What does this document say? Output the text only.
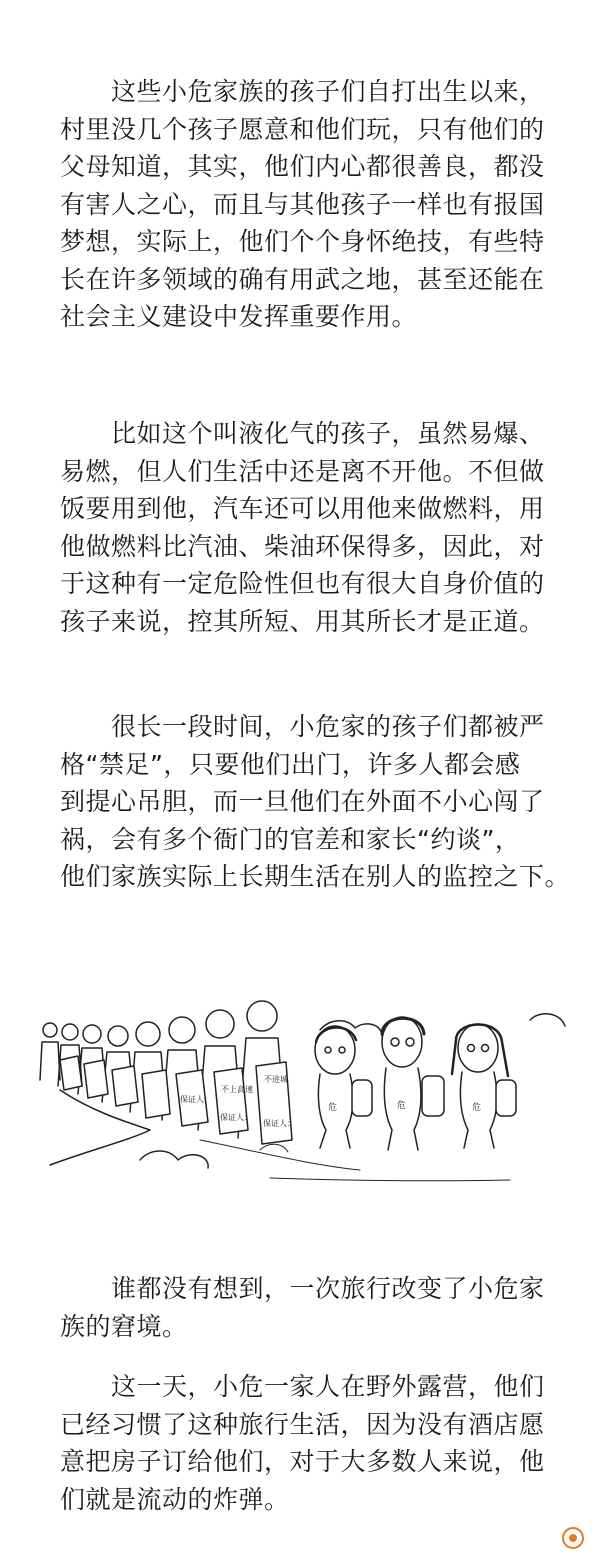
　　这些小危家族的孩子们自打出生以来，
村里没几个孩子愿意和他们玩，只有他们的
父母知道，其实，他们内心都很善良，都没
有害人之心，而且与其他孩子一样也有报国
梦想，实际上，他们个个身怀绝技，有些特
长在许多领域的确有用武之地，甚至还能在
社会主义建设中发挥重要作用。

　　比如这个叫液化气的孩子，虽然易爆、
易燃，但人们生活中还是离不开他。不但做
饭要用到他，汽车还可以用他来做燃料，用
他做燃料比汽油、柴油环保得多，因此，对
于这种有一定危险性但也有很大自身价值的
孩子来说，控其所短、用其所长才是正道。

　　很长一段时间，小危家的孩子们都被严
格“禁足”，只要他们出门，许多人都会感
到提心吊胆，而一旦他们在外面不小心闯了
祸，会有多个衙门的官差和家长“约谈”，
他们家族实际上长期生活在别人的监控之下。

不上高速
不进城
保证人：
保证人：
保证人：
危	危	危

　　谁都没有想到，一次旅行改变了小危家
族的窘境。

　　这一天，小危一家人在野外露营，他们
已经习惯了这种旅行生活，因为没有酒店愿
意把房子订给他们，对于大多数人来说，他
们就是流动的炸弹。
